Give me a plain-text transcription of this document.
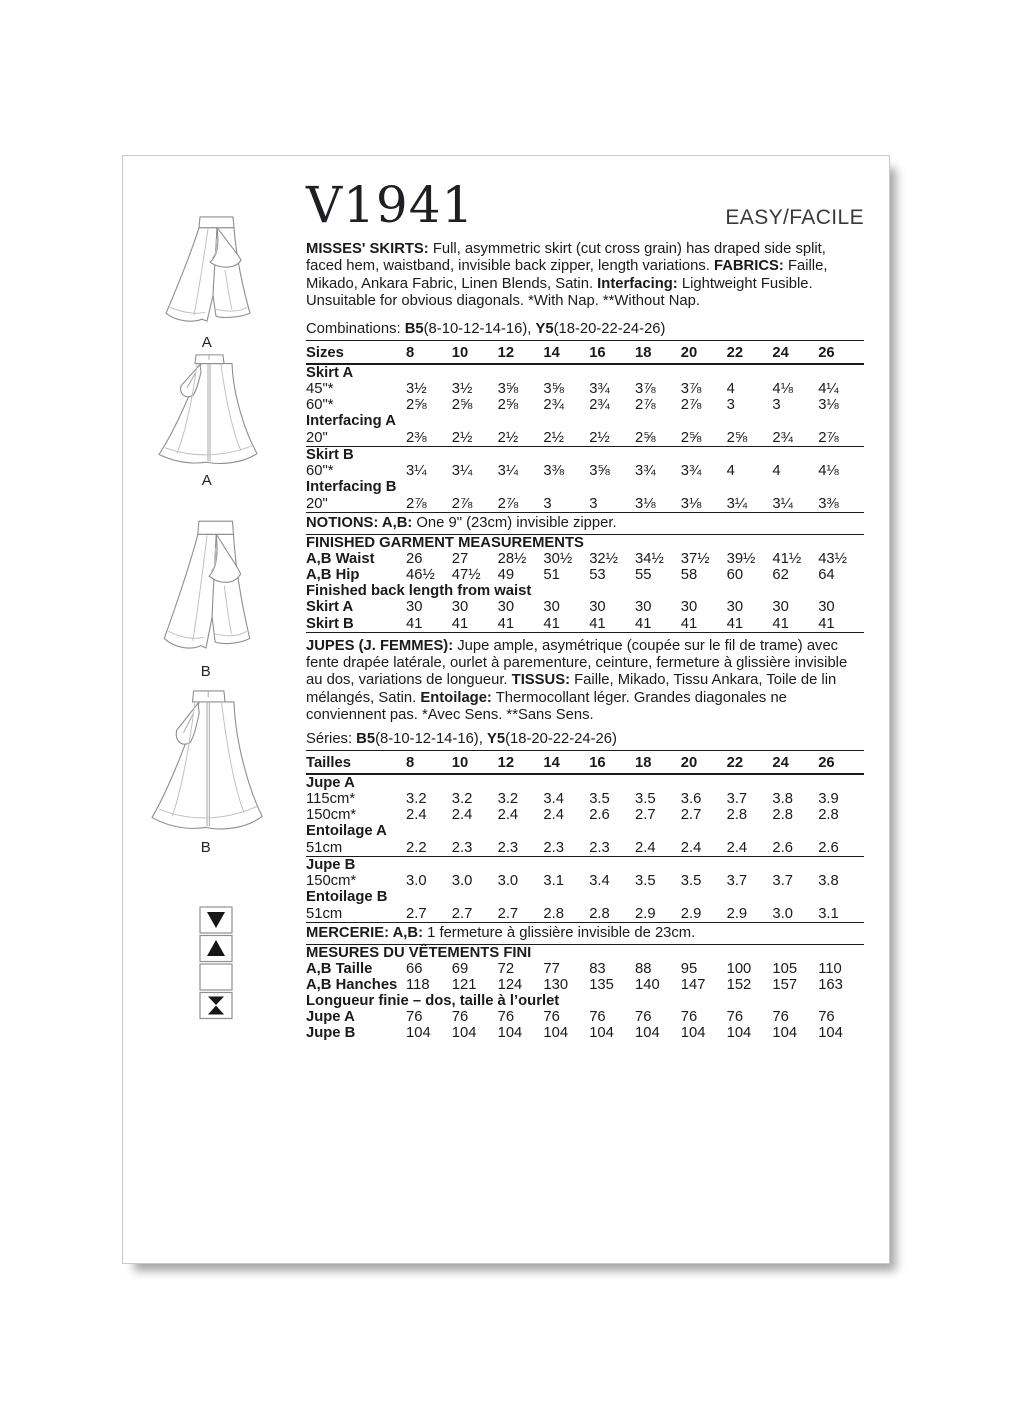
A
A
B
B
V1941	EASY/FACILE

MISSES' SKIRTS: Full, asymmetric skirt (cut cross grain) has draped side split, faced hem, waistband, invisible back zipper, length variations. FABRICS: Faille, Mikado, Ankara Fabric, Linen Blends, Satin. Interfacing: Lightweight Fusible. Unsuitable for obvious diagonals. *With Nap. **Without Nap.

Combinations: B5(8-10-12-14-16), Y5(18-20-22-24-26)

Sizes	8	10	12	14	16	18	20	22	24	26
Skirt A
45"*	3½	3½	3⅝	3⅝	3¾	3⅞	3⅞	4	4⅛	4¼
60"*	2⅝	2⅝	2⅝	2¾	2¾	2⅞	2⅞	3	3	3⅛
Interfacing A
20"	2⅜	2½	2½	2½	2½	2⅝	2⅝	2⅝	2¾	2⅞
Skirt B
60"*	3¼	3¼	3¼	3⅜	3⅝	3¾	3¾	4	4	4⅛
Interfacing B
20"	2⅞	2⅞	2⅞	3	3	3⅛	3⅛	3¼	3¼	3⅜

NOTIONS: A,B: One 9" (23cm) invisible zipper.

FINISHED GARMENT MEASUREMENTS
A,B Waist	26	27	28½	30½	32½	34½	37½	39½	41½	43½
A,B Hip	46½	47½	49	51	53	55	58	60	62	64
Finished back length from waist
Skirt A	30	30	30	30	30	30	30	30	30	30
Skirt B	41	41	41	41	41	41	41	41	41	41

JUPES (J. FEMMES): Jupe ample, asymétrique (coupée sur le fil de trame) avec fente drapée latérale, ourlet à parementure, ceinture, fermeture à glissière invisible au dos, variations de longueur. TISSUS: Faille, Mikado, Tissu Ankara, Toile de lin mélangés, Satin. Entoilage: Thermocollant léger. Grandes diagonales ne conviennent pas. *Avec Sens. **Sans Sens.

Séries: B5(8-10-12-14-16), Y5(18-20-22-24-26)

Tailles	8	10	12	14	16	18	20	22	24	26
Jupe A
115cm*	3.2	3.2	3.2	3.4	3.5	3.5	3.6	3.7	3.8	3.9
150cm*	2.4	2.4	2.4	2.4	2.6	2.7	2.7	2.8	2.8	2.8
Entoilage A
51cm	2.2	2.3	2.3	2.3	2.3	2.4	2.4	2.4	2.6	2.6
Jupe B
150cm*	3.0	3.0	3.0	3.1	3.4	3.5	3.5	3.7	3.7	3.8
Entoilage B
51cm	2.7	2.7	2.7	2.8	2.8	2.9	2.9	2.9	3.0	3.1

MERCERIE: A,B: 1 fermeture à glissière invisible de 23cm.

MESURES DU VÊTEMENTS FINI
A,B Taille	66	69	72	77	83	88	95	100	105	110
A,B Hanches 118	121	124	130	135	140	147	152	157	163
Longueur finie – dos, taille à l’ourlet
Jupe A	76	76	76	76	76	76	76	76	76	76
Jupe B	104	104	104	104	104	104	104	104	104	104
